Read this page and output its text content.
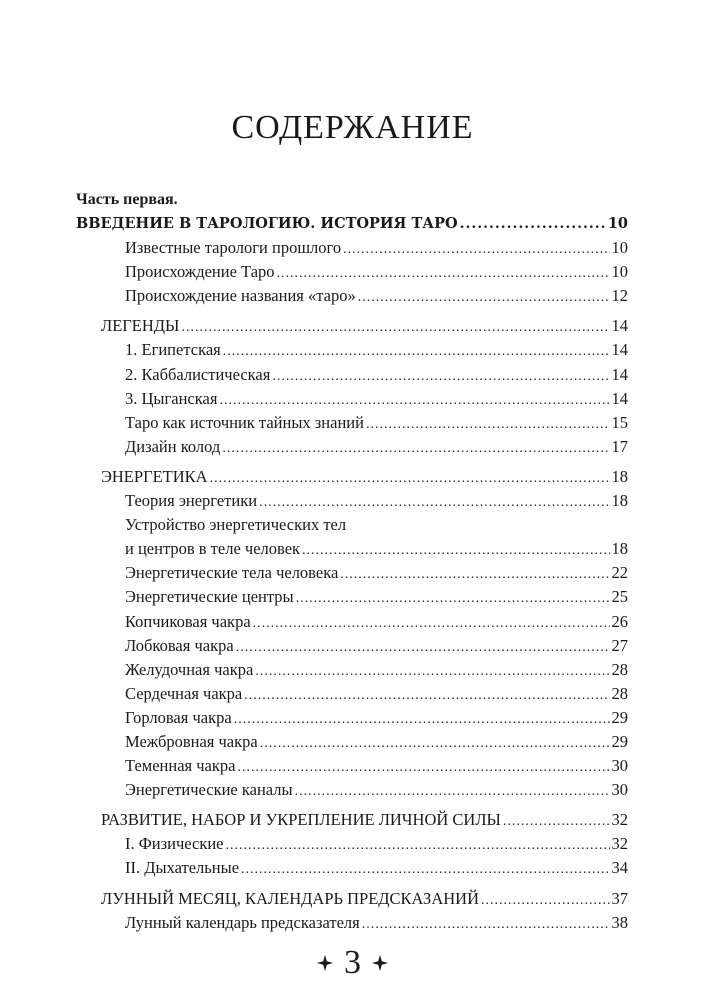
СОДЕРЖАНИЕ
Часть первая.
ВВЕДЕНИЕ В ТАРОЛОГИЮ. ИСТОРИЯ ТАРО .....	10
Известные тарологи прошлого .....	10
Происхождение Таро .....	10
Происхождение названия «таро» .....	12
ЛЕГЕНДЫ .....	14
1. Египетская .....	14
2. Каббалистическая .....	14
3. Цыганская .....	14
Таро как источник тайных знаний .....	15
Дизайн колод .....	17
ЭНЕРГЕТИКА .....	18
Теория энергетики .....	18
Устройство энергетических тел
и центров в теле человек .....	18
Энергетические тела человека .....	22
Энергетические центры .....	25
Копчиковая чакра .....	26
Лобковая чакра .....	27
Желудочная чакра .....	28
Сердечная чакра .....	28
Горловая чакра .....	29
Межбровная чакра .....	29
Теменная чакра .....	30
Энергетические каналы .....	30
РАЗВИТИЕ, НАБОР И УКРЕПЛЕНИЕ ЛИЧНОЙ СИЛЫ .....	32
I. Физические .....	32
II. Дыхательные .....	34
ЛУННЫЙ МЕСЯЦ, КАЛЕНДАРЬ ПРЕДСКАЗАНИЙ .....	37
Лунный календарь предсказателя .....	38
3
